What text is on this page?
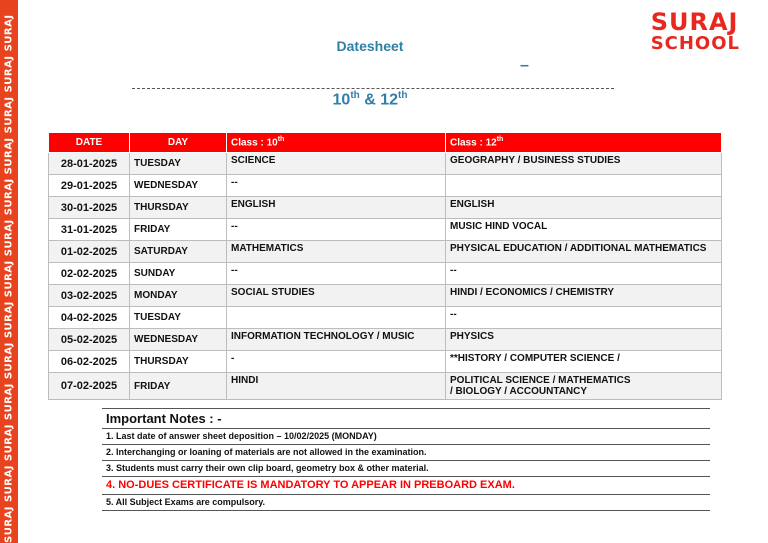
SURAJ SURAJ SURAJ SURAJ SURAJ SURAJ SURAJ SURAJ SURAJ SURAJ SURAJ SURAJ SURAJ	SURAJ
SCHOOL
Datesheet
–
10th & 12th
DATE	DAY	Class : 10th	Class : 12th
28-01-2025	TUESDAY	SCIENCE	GEOGRAPHY / BUSINESS STUDIES
29-01-2025	WEDNESDAY	--	
30-01-2025	THURSDAY	ENGLISH	ENGLISH
31-01-2025	FRIDAY	--	MUSIC HIND VOCAL
01-02-2025	SATURDAY	MATHEMATICS	PHYSICAL EDUCATION / ADDITIONAL MATHEMATICS
02-02-2025	SUNDAY	--	--
03-02-2025	MONDAY	SOCIAL STUDIES	HINDI / ECONOMICS / CHEMISTRY
04-02-2025	TUESDAY		--
05-02-2025	WEDNESDAY	INFORMATION TECHNOLOGY / MUSIC	PHYSICS
06-02-2025	THURSDAY	-	**HISTORY / COMPUTER SCIENCE /
07-02-2025	FRIDAY	HINDI	POLITICAL SCIENCE / MATHEMATICS
/ BIOLOGY / ACCOUNTANCY
Important Notes : -
1. Last date of answer sheet deposition – 10/02/2025 (MONDAY)
2. Interchanging or loaning of materials are not allowed in the examination.
3. Students must carry their own clip board, geometry box & other material.
4. NO-DUES CERTIFICATE IS MANDATORY TO APPEAR IN PREBOARD EXAM.
5. All Subject Exams are compulsory.
